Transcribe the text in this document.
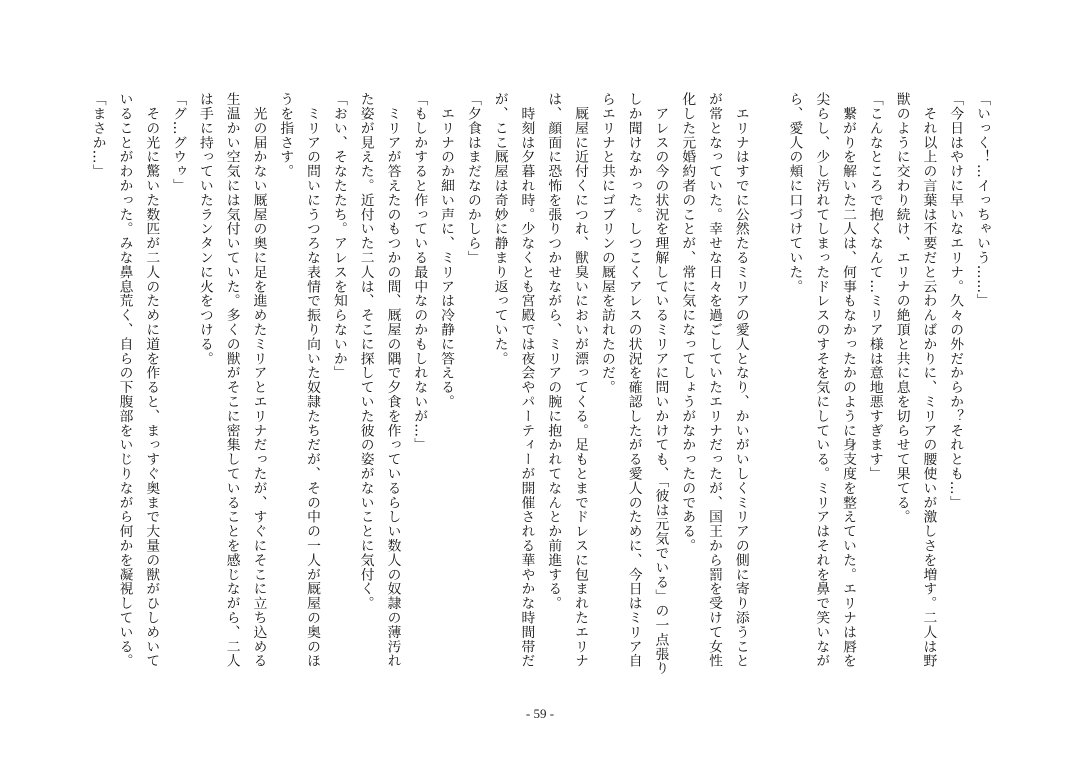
「いっく！…イっちゃいう……」
「今日はやけに早いなエリナ。久々の外だからか？それとも…」
　それ以上の言葉は不要だと云わんばかりに、ミリアの腰使いが激しさを増す。二人は野
獣のように交わり続け、エリナの絶頂と共に息を切らせて果てる。
「こんなところで抱くなんて…ミリア様は意地悪すぎます」
　繋がりを解いた二人は、何事もなかったかのように身支度を整えていた。エリナは唇を
尖らし、少し汚れてしまったドレスのすそを気にしている。ミリアはそれを鼻で笑いなが
ら、愛人の頬に口づけていた。

　エリナはすでに公然たるミリアの愛人となり、かいがいしくミリアの側に寄り添うこと
が常となっていた。幸せな日々を過ごしていたエリナだったが、国王から罰を受けて女性
化した元婚約者のことが、常に気になってしょうがなかったのである。
　アレスの今の状況を理解しているミリアに問いかけても、「彼は元気でいる」の一点張り
しか聞けなかった。しつこくアレスの状況を確認したがる愛人のために、今日はミリア自
らエリナと共にゴブリンの厩屋を訪れたのだ。
　厩屋に近付くにつれ、獣臭いにおいが漂ってくる。足もとまでドレスに包まれたエリナ
は、顔面に恐怖を張りつかせながら、ミリアの腕に抱かれてなんとか前進する。
　時刻は夕暮れ時。少なくとも宮殿では夜会やパーティーが開催される華やかな時間帯だ
が、ここ厩屋は奇妙に静まり返っていた。
「夕食はまだなのかしら」
　エリナのか細い声に、ミリアは冷静に答える。
「もしかすると作っている最中なのかもしれないが…」
　ミリアが答えたのもつかの間、厩屋の隅で夕食を作っているらしい数人の奴隷の薄汚れ
た姿が見えた。近付いた二人は、そこに探していた彼の姿がないことに気付く。
「おい、そなたたち。アレスを知らないか」
　ミリアの問いにうつろな表情で振り向いた奴隷たちだが、その中の一人が厩屋の奥のほ
うを指さす。
　光の届かない厩屋の奥に足を進めたミリアとエリナだったが、すぐにそこに立ち込める
生温かい空気には気付いていた。多くの獣がそこに密集していることを感じながら、二人
は手に持っていたランタンに火をつける。
「グ…グウゥ」
　その光に驚いた数匹が二人のために道を作ると、まっすぐ奥まで大量の獣がひしめいて
いることがわかった。みな鼻息荒く、自らの下腹部をいじりながら何かを凝視している。
「まさか…」
- 59 -
